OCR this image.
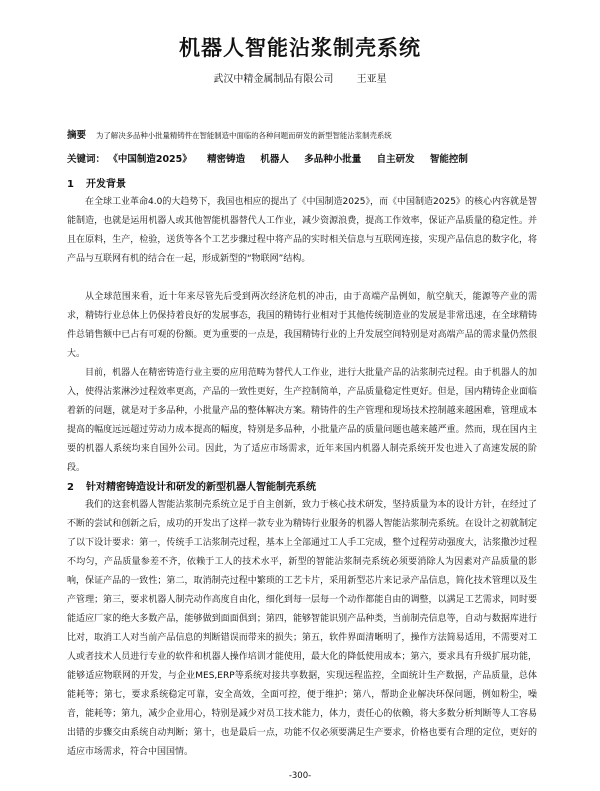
机器人智能沾浆制壳系统
武汉中精金属制品有限公司 王亚星
摘要 为了解决多品种小批量精铸件在智能制造中面临的各种问题而研发的新型智能沾浆制壳系统
关键词： 《中国制造2025》 精密铸造 机器人 多品种小批量 自主研发 智能控制
1 开发背景

在全球工业革命4.0的大趋势下，我国也相应的提出了《中国制造2025》，而《中国制造2025》的核心内容就是智能制造，也就是运用机器人或其他智能机器替代人工作业，减少资源浪费，提高工作效率，保证产品质量的稳定性。并且在原料，生产，检验，送货等各个工艺步骤过程中将产品的实时相关信息与互联网连接，实现产品信息的数字化，将产品与互联网有机的结合在一起，形成新型的“物联网”结构。

从全球范围来看，近十年来尽管先后受到两次经济危机的冲击，由于高端产品例如，航空航天，能源等产业的需求，精铸行业总体上仍保持着良好的发展事态，我国的精铸行业相对于其他传统制造业的发展是非常迅速，在全球精铸件总销售额中已占有可观的份额。更为重要的一点是，我国精铸行业的上升发展空间特别是对高端产品的需求量仍然很大。

目前，机器人在精密铸造行业主要的应用范畴为替代人工作业，进行大批量产品的沾浆制壳过程。由于机器人的加入，使得沾浆淋沙过程效率更高，产品的一致性更好，生产控制简单，产品质量稳定性更好。但是，国内精铸企业面临着新的问题，就是对于多品种，小批量产品的整体解决方案。精铸件的生产管理和现场技术控制越来越困难，管理成本提高的幅度远远超过劳动力成本提高的幅度，特别是多品种，小批量产品的质量问题也越来越严重。然而，现在国内主要的机器人系统均来自国外公司。因此，为了适应市场需求，近年来国内机器人制壳系统开发也进入了高速发展的阶段。

2 针对精密铸造设计和研发的新型机器人智能制壳系统

我们的这套机器人智能沾浆制壳系统立足于自主创新，致力于核心技术研发，坚持质量为本的设计方针，在经过了不断的尝试和创新之后，成功的开发出了这样一款专业为精铸行业服务的机器人智能沾浆制壳系统。在设计之初就制定了以下设计要求：第一，传统手工沾浆制壳过程，基本上全部通过工人手工完成，整个过程劳动强度大，沾浆撒沙过程不均匀，产品质量参差不齐，依赖于工人的技术水平，新型的智能沾浆制壳系统必须要消除人为因素对产品质量的影响，保证产品的一致性；第二，取消制壳过程中繁琐的工艺卡片，采用新型芯片来记录产品信息，简化技术管理以及生产管理；第三，要求机器人制壳动作高度自由化，细化到每一层每一个动作都能自由的调整，以满足工艺需求，同时要能适应厂家的绝大多数产品，能够做到面面俱到；第四，能够智能识别产品种类，当前制壳信息等，自动与数据库进行比对，取消工人对当前产品信息的判断错误而带来的损失；第五，软件界面清晰明了，操作方法简易适用，不需要对工人或者技术人员进行专业的软件和机器人操作培训才能使用，最大化的降低使用成本；第六，要求具有升级扩展功能，能够适应物联网的开发，与企业MES,ERP等系统对接共享数据，实现远程监控，全面统计生产数据，产品质量，总体能耗等；第七，要求系统稳定可靠，安全高效，全面可控，便于维护；第八，帮助企业解决环保问题，例如粉尘，噪音，能耗等；第九，减少企业用心，特别是减少对员工技术能力，体力，责任心的依赖，将大多数分析判断等人工容易出错的步骤交由系统自动判断；第十，也是最后一点，功能不仅必须要满足生产要求，价格也要有合理的定位，更好的适应市场需求，符合中国国情。

-300-
